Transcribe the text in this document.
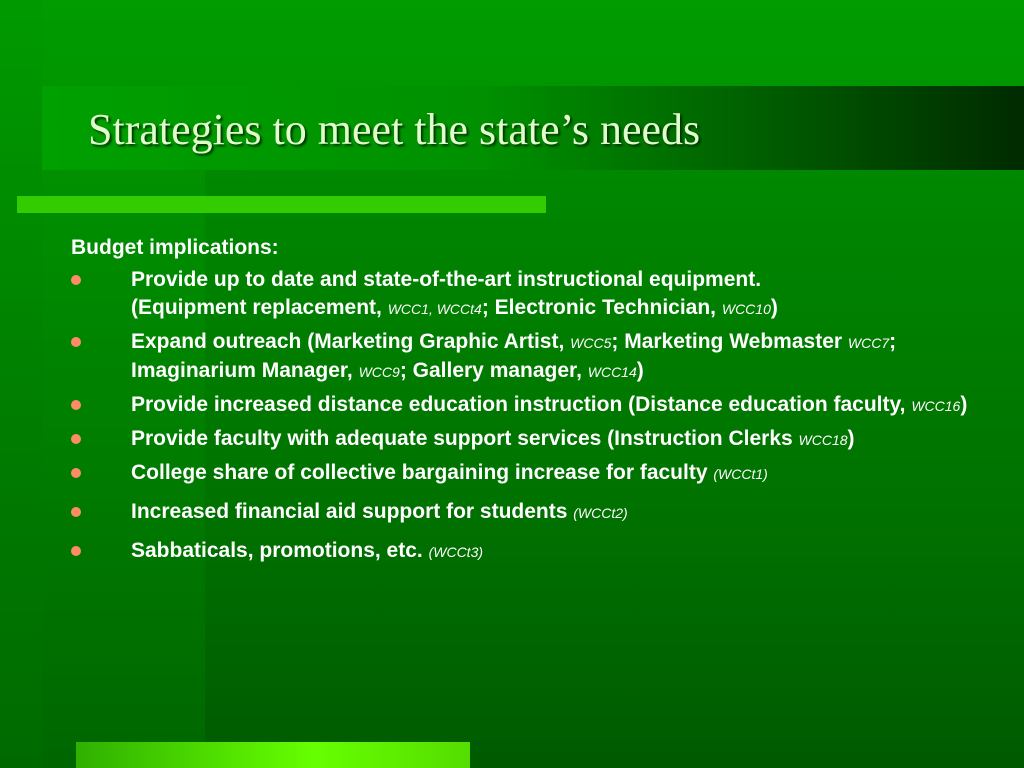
Strategies to meet the state’s needs

Budget implications:

Provide up to date and state-of-the-art instructional equipment.
(Equipment replacement, WCC1, WCCt4; Electronic Technician, WCC10)
Expand outreach (Marketing Graphic Artist, WCC5; Marketing Webmaster WCC7; Imaginarium Manager, WCC9; Gallery manager, WCC14)
Provide increased distance education instruction (Distance education faculty, WCC16)
Provide faculty with adequate support services (Instruction Clerks WCC18)
College share of collective bargaining increase for faculty (WCCt1)
Increased financial aid support for students (WCCt2)
Sabbaticals, promotions, etc. (WCCt3)
